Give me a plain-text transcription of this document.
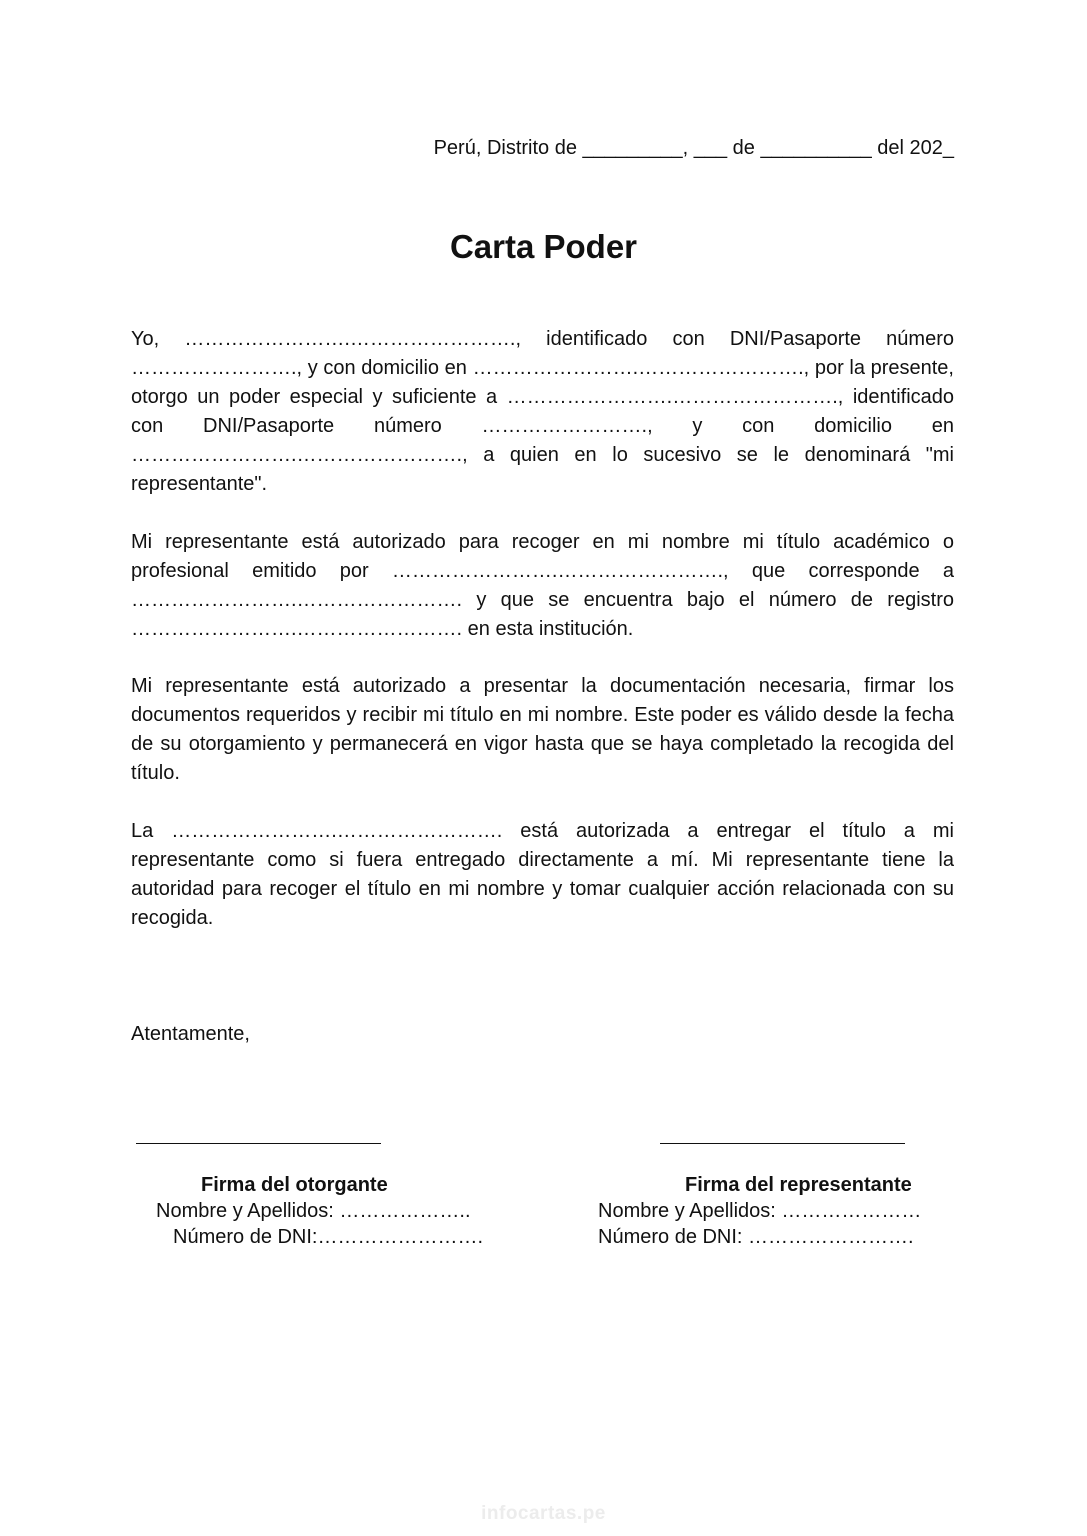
Perú, Distrito de _________, ___ de __________ del 202_
Carta Poder

Yo, …………………….……………………., identificado con DNI/Pasaporte número ……………………., y con domicilio en …………………….……………………., por la presente, otorgo un poder especial y suficiente a …………………….……………………., identificado con DNI/Pasaporte número ……………………., y con domicilio en …………………….……………………., a quien en lo sucesivo se le denominará "mi representante".

Mi representante está autorizado para recoger en mi nombre mi título académico o profesional emitido por …………………….……………………., que corresponde a …………………….……………………. y que se encuentra bajo el número de registro …………………….……………………. en esta institución.

Mi representante está autorizado a presentar la documentación necesaria, firmar los documentos requeridos y recibir mi título en mi nombre. Este poder es válido desde la fecha de su otorgamiento y permanecerá en vigor hasta que se haya completado la recogida del título.

La …………………….……………………. está autorizada a entregar el título a mi representante como si fuera entregado directamente a mí. Mi representante tiene la autoridad para recoger el título en mi nombre y tomar cualquier acción relacionada con su recogida.

Atentamente,
Firma del otorgante
Nombre y Apellidos: ………………..
Número de DNI:…………………….
Firma del representante
Nombre y Apellidos: …………………
Número de DNI: …………………….
infocartas.pe
